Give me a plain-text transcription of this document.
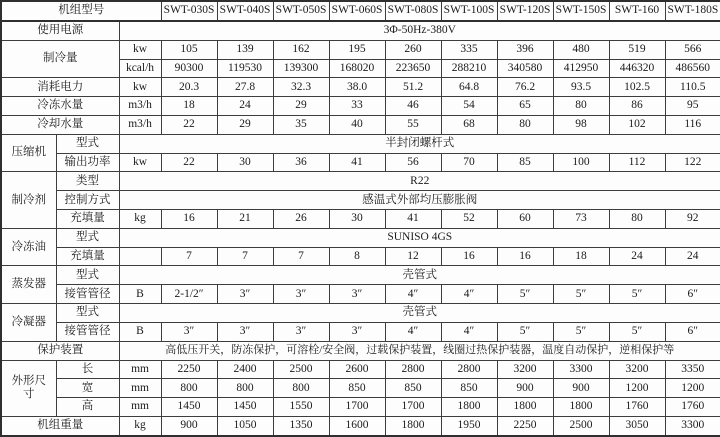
机组型号			SWT-030S	SWT-040S	SWT-050S	SWT-060S	SWT-080S	SWT-100S	SWT-120S	SWT-150S	SWT-160	SWT-180S
使用电源		3Φ-50Hz-380V										
制冷量		kw	105	139	162	195	260	335	396	480	519	566
		kcal/h	90300	119530	139300	168020	223650	288210	340580	412950	446320	486560
消耗电力		kw	20.3	27.8	32.3	38.0	51.2	64.8	76.2	93.5	102.5	110.5
冷冻水量		m3/h	18	24	29	33	46	54	65	80	86	95
冷却水量		m3/h	22	29	35	40	55	68	80	98	102	116
压缩机	型式	半封闭螺杆式										
	输出功率	kw	22	30	36	41	56	70	85	100	112	122
制冷剂	类型	R22										
	控制方式	感温式外部均压膨胀阀										
	充填量	kg	16	21	26	30	41	52	60	73	80	92
冷冻油	型式	SUNISO 4GS										
	充填量		7	7	7	8	12	16	16	18	24	24
蒸发器	型式	壳管式										
	接管管径	B	2-1/2″	3″	3″	3″	4″	4″	5″	5″	5″	6″
冷凝器	型式	壳管式										
	接管管径	B	3″	3″	3″	3″	4″	4″	5″	5″	5″	6″
保护装置		高低压开关，防冻保护，可溶栓/安全阀，过载保护装置，线圈过热保护装器，温度自动保护，逆相保护等										
外形尺寸	长	mm	2250	2400	2500	2600	2800	2800	3200	3300	3200	3350
	宽	mm	800	800	800	850	850	850	900	900	1200	1200
	高	mm	1450	1450	1550	1700	1700	1800	1800	1800	1760	1760
机组重量		kg	900	1050	1350	1600	1800	1950	2250	2500	3050	3300
